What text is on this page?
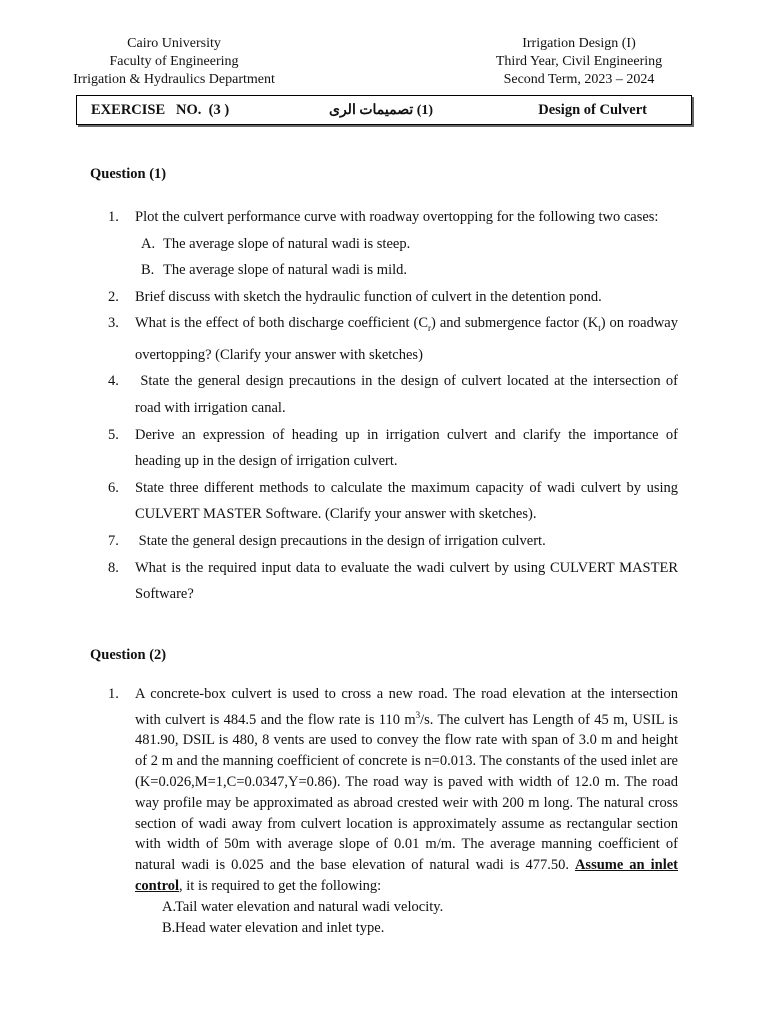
Cairo University
Faculty of Engineering
Irrigation & Hydraulics Department
Irrigation Design (I)
Third Year, Civil Engineering
Second Term, 2023 – 2024
EXERCISE   NO.  (3 )	(1) تصميمات الرى	Design of Culvert
Question (1)
1. Plot the culvert performance curve with roadway overtopping for the following two cases:
A. The average slope of natural wadi is steep.
B. The average slope of natural wadi is mild.
2. Brief discuss with sketch the hydraulic function of culvert in the detention pond.
3. What is the effect of both discharge coefficient $(C_r)$ and submergence factor $(K_t)$ on roadway overtopping? (Clarify your answer with sketches)
4. State the general design precautions in the design of culvert located at the intersection of road with irrigation canal.
5. Derive an expression of heading up in irrigation culvert and clarify the importance of heading up in the design of irrigation culvert.
6. State three different methods to calculate the maximum capacity of wadi culvert by using CULVERT MASTER Software. (Clarify your answer with sketches).
7. State the general design precautions in the design of irrigation culvert.
8. What is the required input data to evaluate the wadi culvert by using CULVERT MASTER Software?
Question (2)
1. A concrete-box culvert is used to cross a new road. The road elevation at the intersection with culvert is 484.5 and the flow rate is 110 $m^3/s$. The culvert has Length of 45 m, USIL is 481.90, DSIL is 480, 8 vents are used to convey the flow rate with span of 3.0 m and height of 2 m and the manning coefficient of concrete is n=0.013. The constants of the used inlet are (K=0.026,M=1,C=0.0347,Y=0.86). The road way is paved with width of 12.0 m. The road way profile may be approximated as abroad crested weir with 200 m long. The natural cross section of wadi away from culvert location is approximately assume as rectangular section with width of 50m with average slope of 0.01 m/m. The average manning coefficient of natural wadi is 0.025 and the base elevation of natural wadi is 477.50. Assume an inlet control, it is required to get the following:
A.Tail water elevation and natural wadi velocity.
B.Head water elevation and inlet type.
